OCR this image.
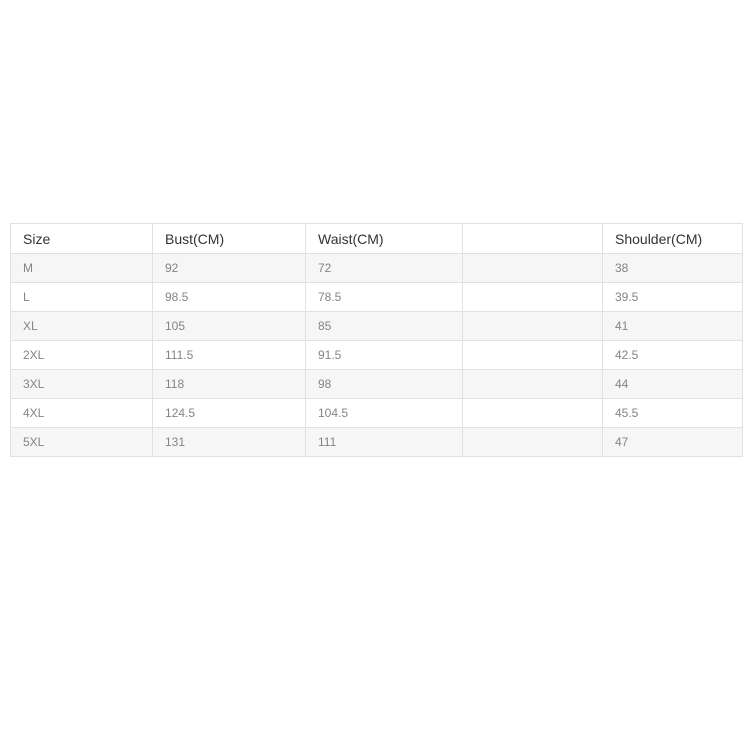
Size	Bust(CM)	Waist(CM)		Shoulder(CM)
M	92	72		38
L	98.5	78.5		39.5
XL	105	85		41
2XL	111.5	91.5		42.5
3XL	118	98		44
4XL	124.5	104.5		45.5
5XL	131	111		47
